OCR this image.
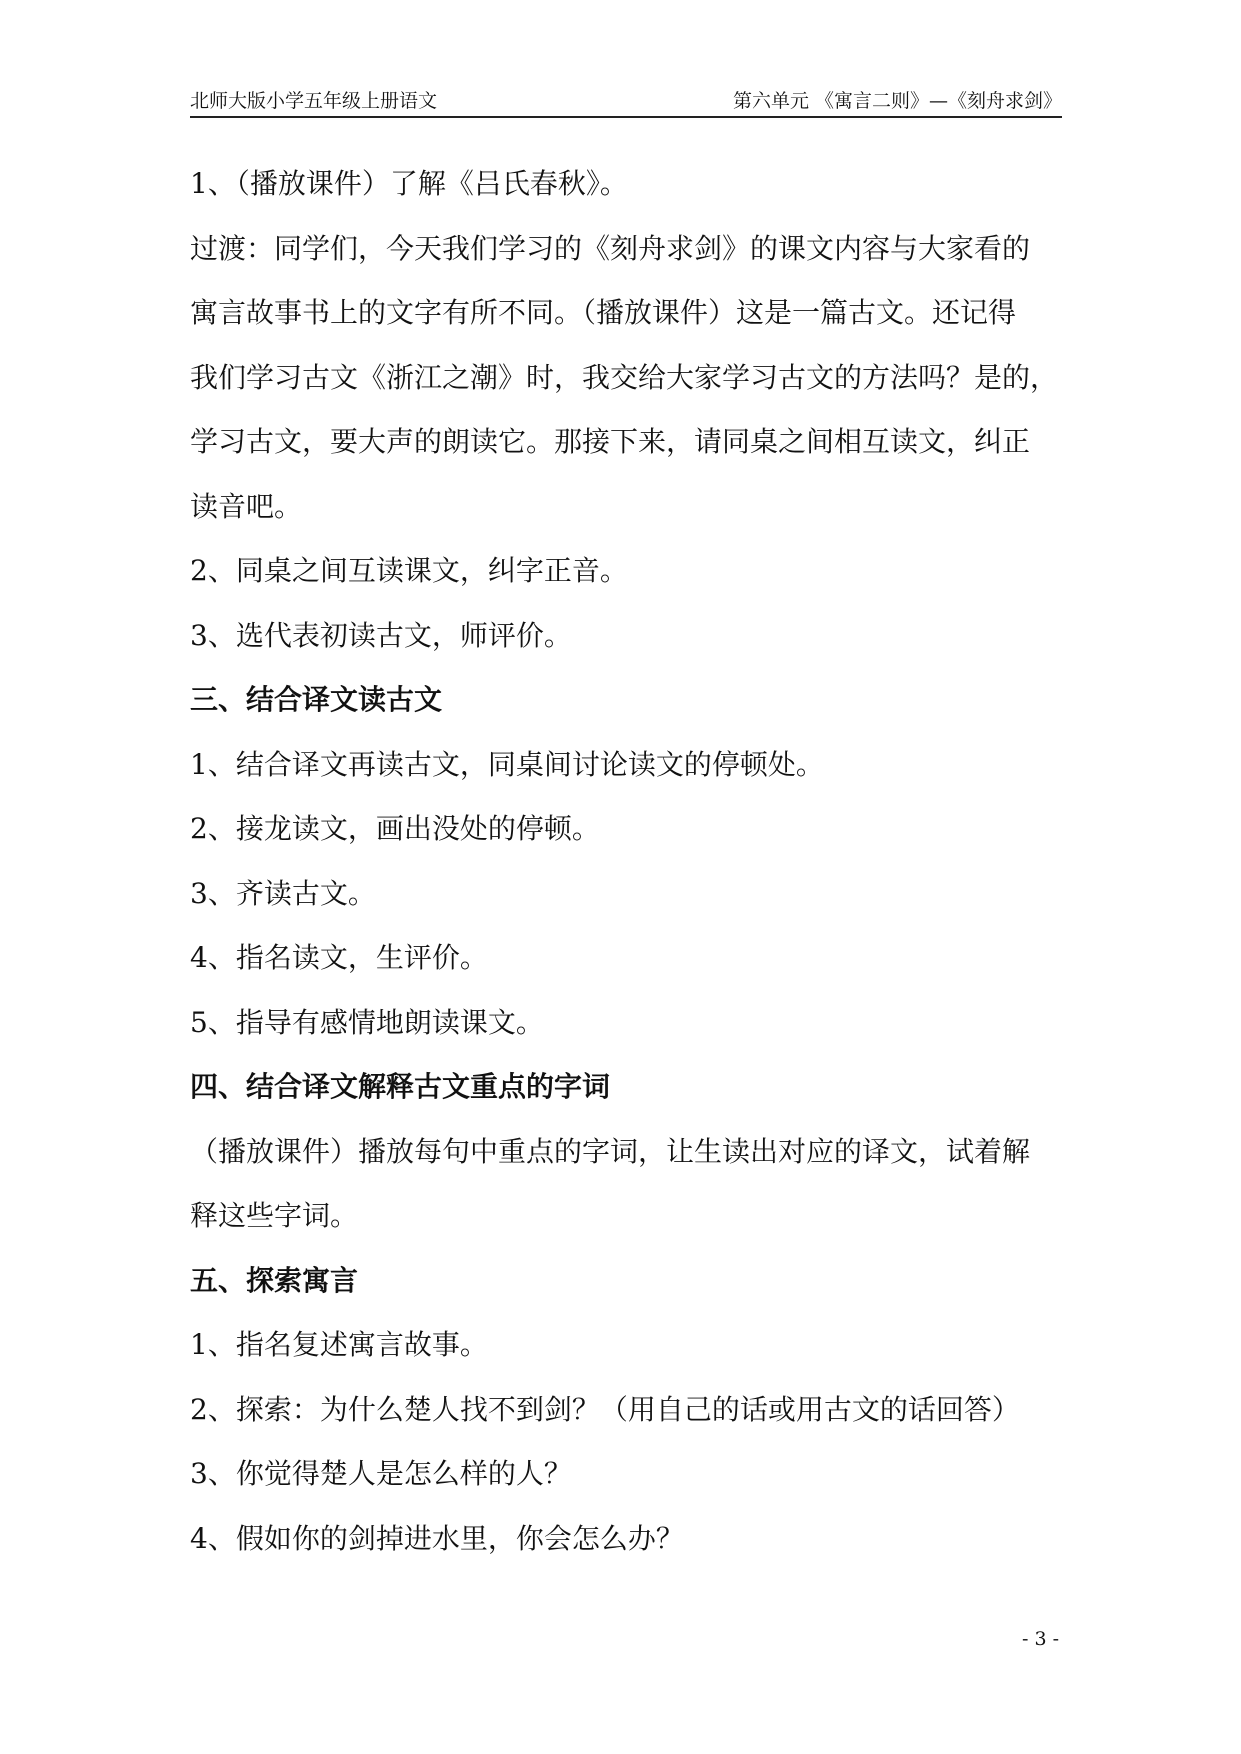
北师大版小学五年级上册语文	第六单元 《寓言二则》—《刻舟求剑》

1、（播放课件）了解《吕氏春秋》。

过渡：同学们，今天我们学习的《刻舟求剑》的课文内容与大家看的

寓言故事书上的文字有所不同。（播放课件）这是一篇古文。还记得

我们学习古文《浙江之潮》时，我交给大家学习古文的方法吗？是的，

学习古文，要大声的朗读它。那接下来，请同桌之间相互读文，纠正

读音吧。

2、同桌之间互读课文，纠字正音。

3、选代表初读古文，师评价。

三、结合译文读古文

1、结合译文再读古文，同桌间讨论读文的停顿处。

2、接龙读文，画出没处的停顿。

3、齐读古文。

4、指名读文，生评价。

5、指导有感情地朗读课文。

四、结合译文解释古文重点的字词

（播放课件）播放每句中重点的字词，让生读出对应的译文，试着解

释这些字词。

五、探索寓言

1、指名复述寓言故事。

2、探索：为什么楚人找不到剑？（用自己的话或用古文的话回答）

3、你觉得楚人是怎么样的人？

4、假如你的剑掉进水里，你会怎么办？

- 3 -
